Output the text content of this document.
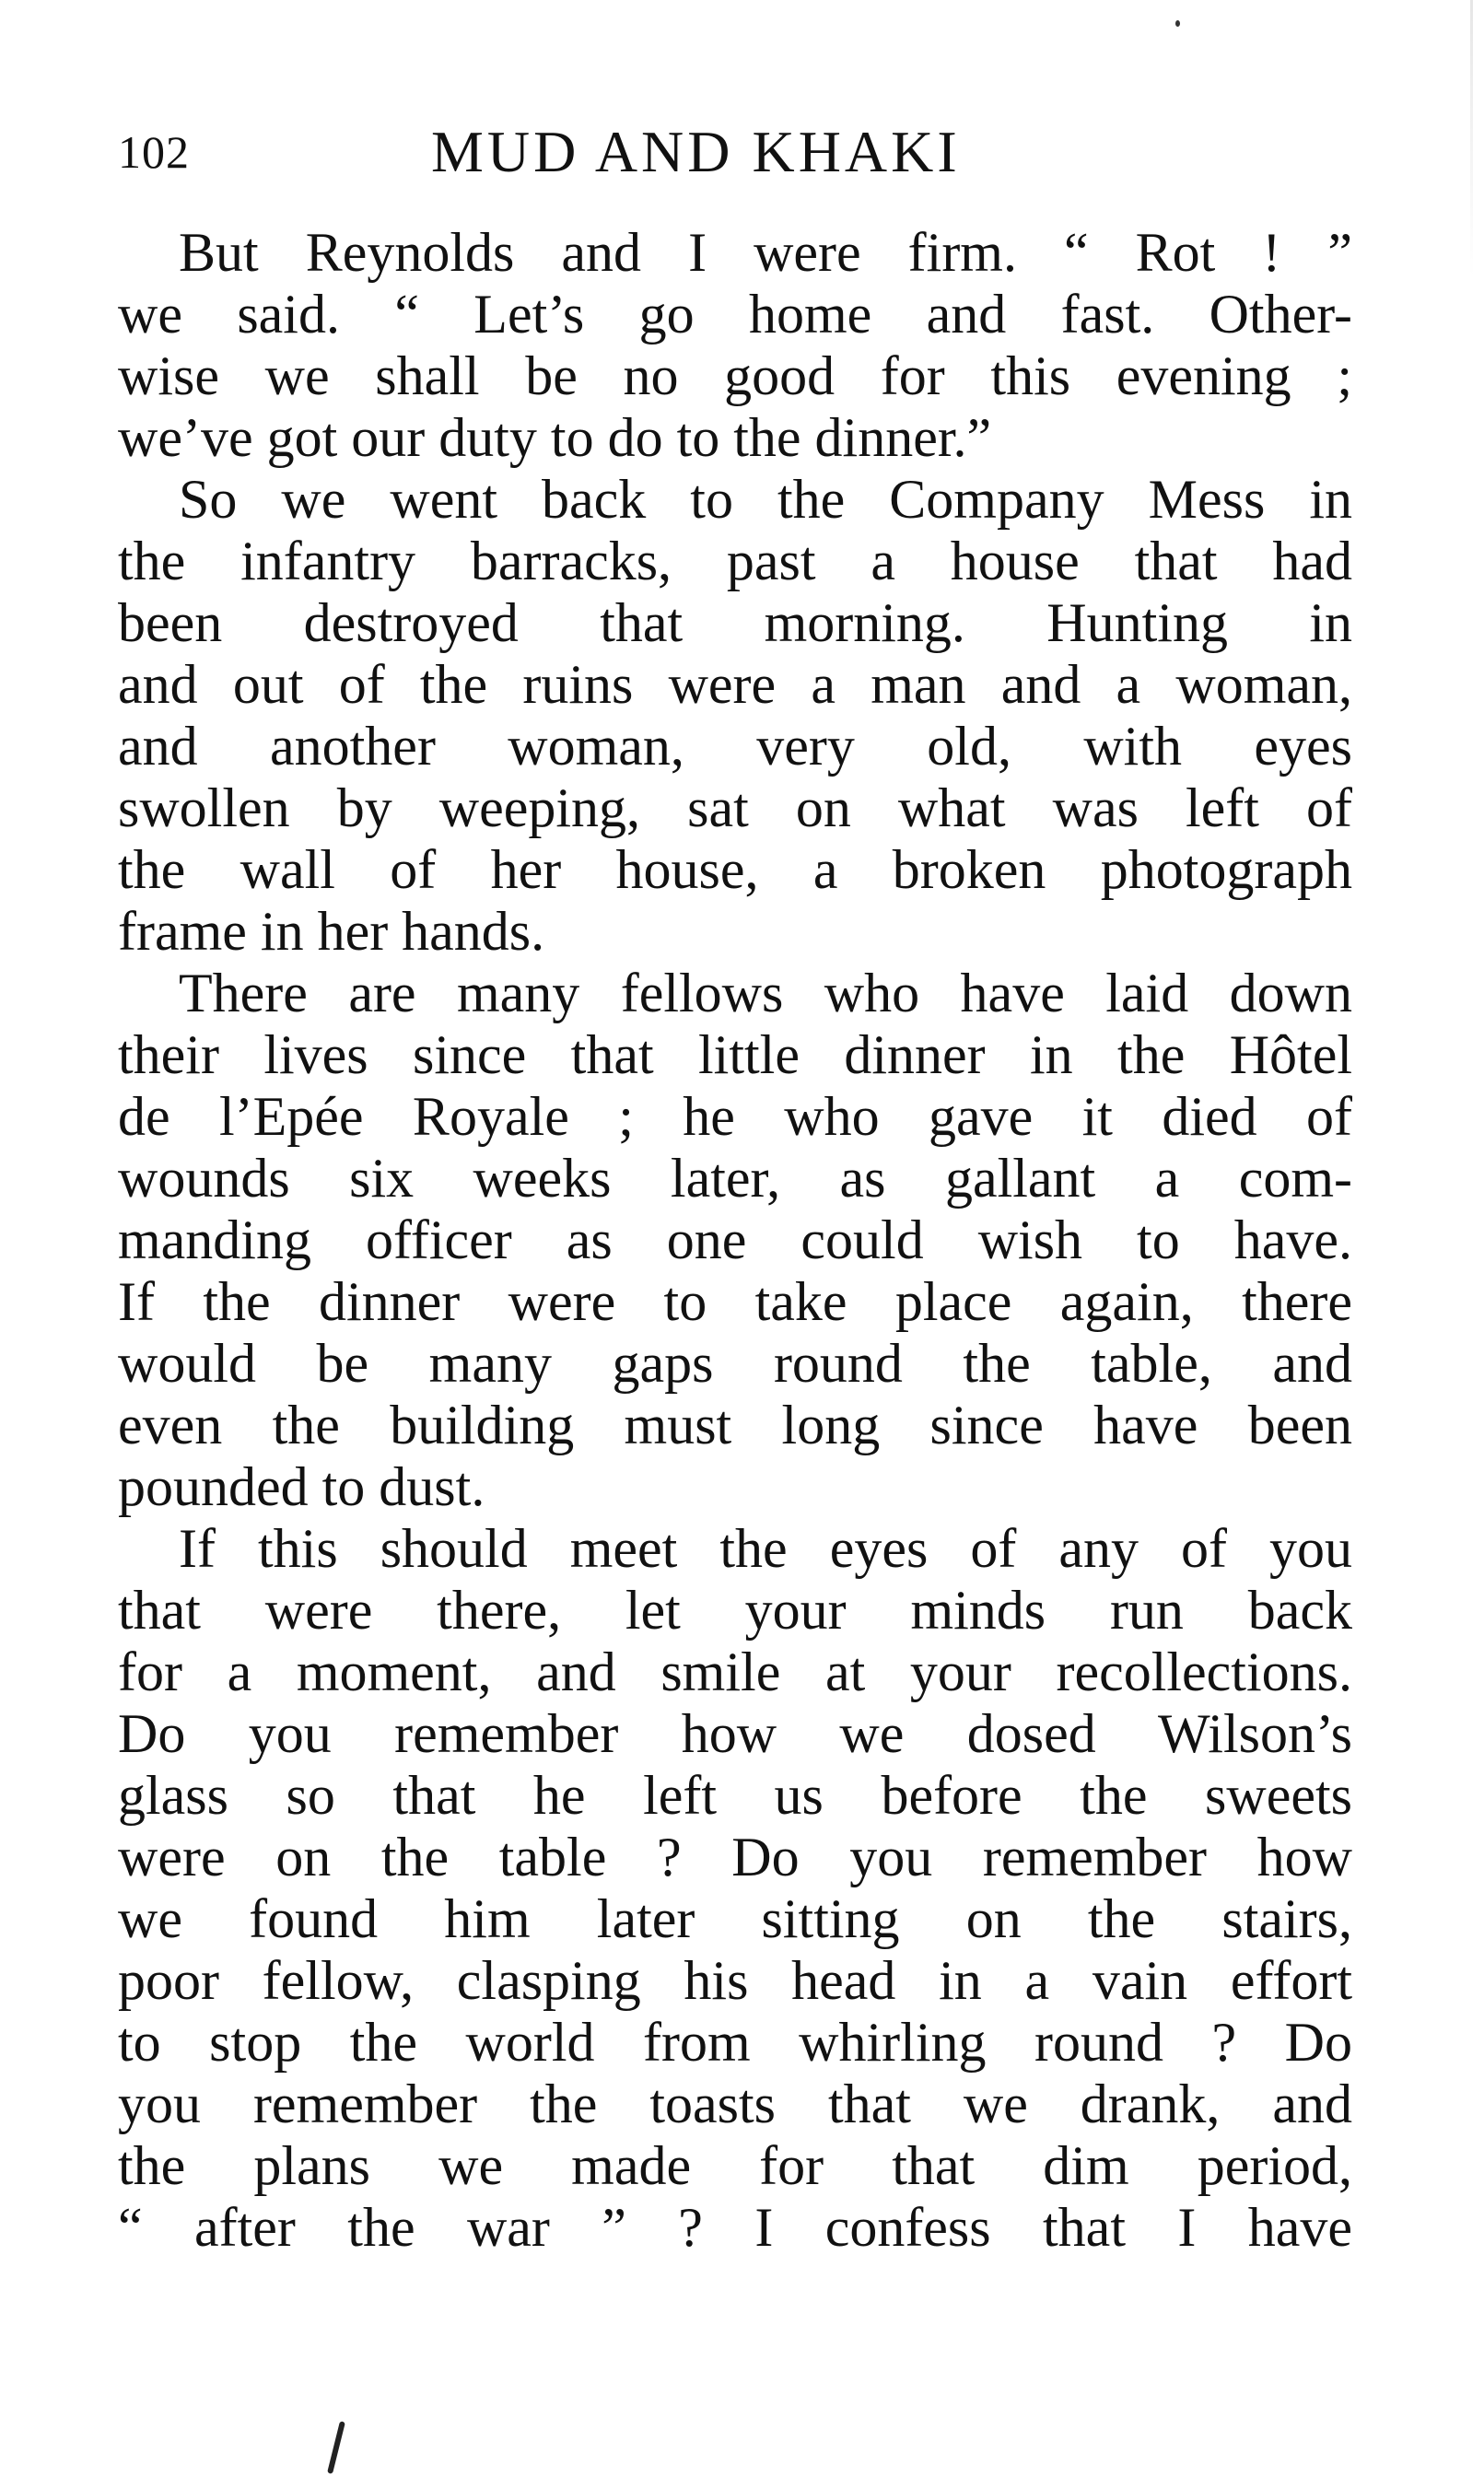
102	MUD AND KHAKI
But Reynolds and I were firm. “ Rot ! ”
we said. “ Let’s go home and fast. Other-
wise we shall be no good for this evening ;
we’ve got our duty to do to the dinner.”
So we went back to the Company Mess in
the infantry barracks, past a house that had
been destroyed that morning. Hunting in
and out of the ruins were a man and a woman,
and another woman, very old, with eyes
swollen by weeping, sat on what was left of
the wall of her house, a broken photograph
frame in her hands.
There are many fellows who have laid down
their lives since that little dinner in the Hôtel
de l’Epée Royale ; he who gave it died of
wounds six weeks later, as gallant a com-
manding officer as one could wish to have.
If the dinner were to take place again, there
would be many gaps round the table, and
even the building must long since have been
pounded to dust.
If this should meet the eyes of any of you
that were there, let your minds run back
for a moment, and smile at your recollections.
Do you remember how we dosed Wilson’s
glass so that he left us before the sweets
were on the table ? Do you remember how
we found him later sitting on the stairs,
poor fellow, clasping his head in a vain effort
to stop the world from whirling round ? Do
you remember the toasts that we drank, and
the plans we made for that dim period,
“ after the war ” ? I confess that I have
